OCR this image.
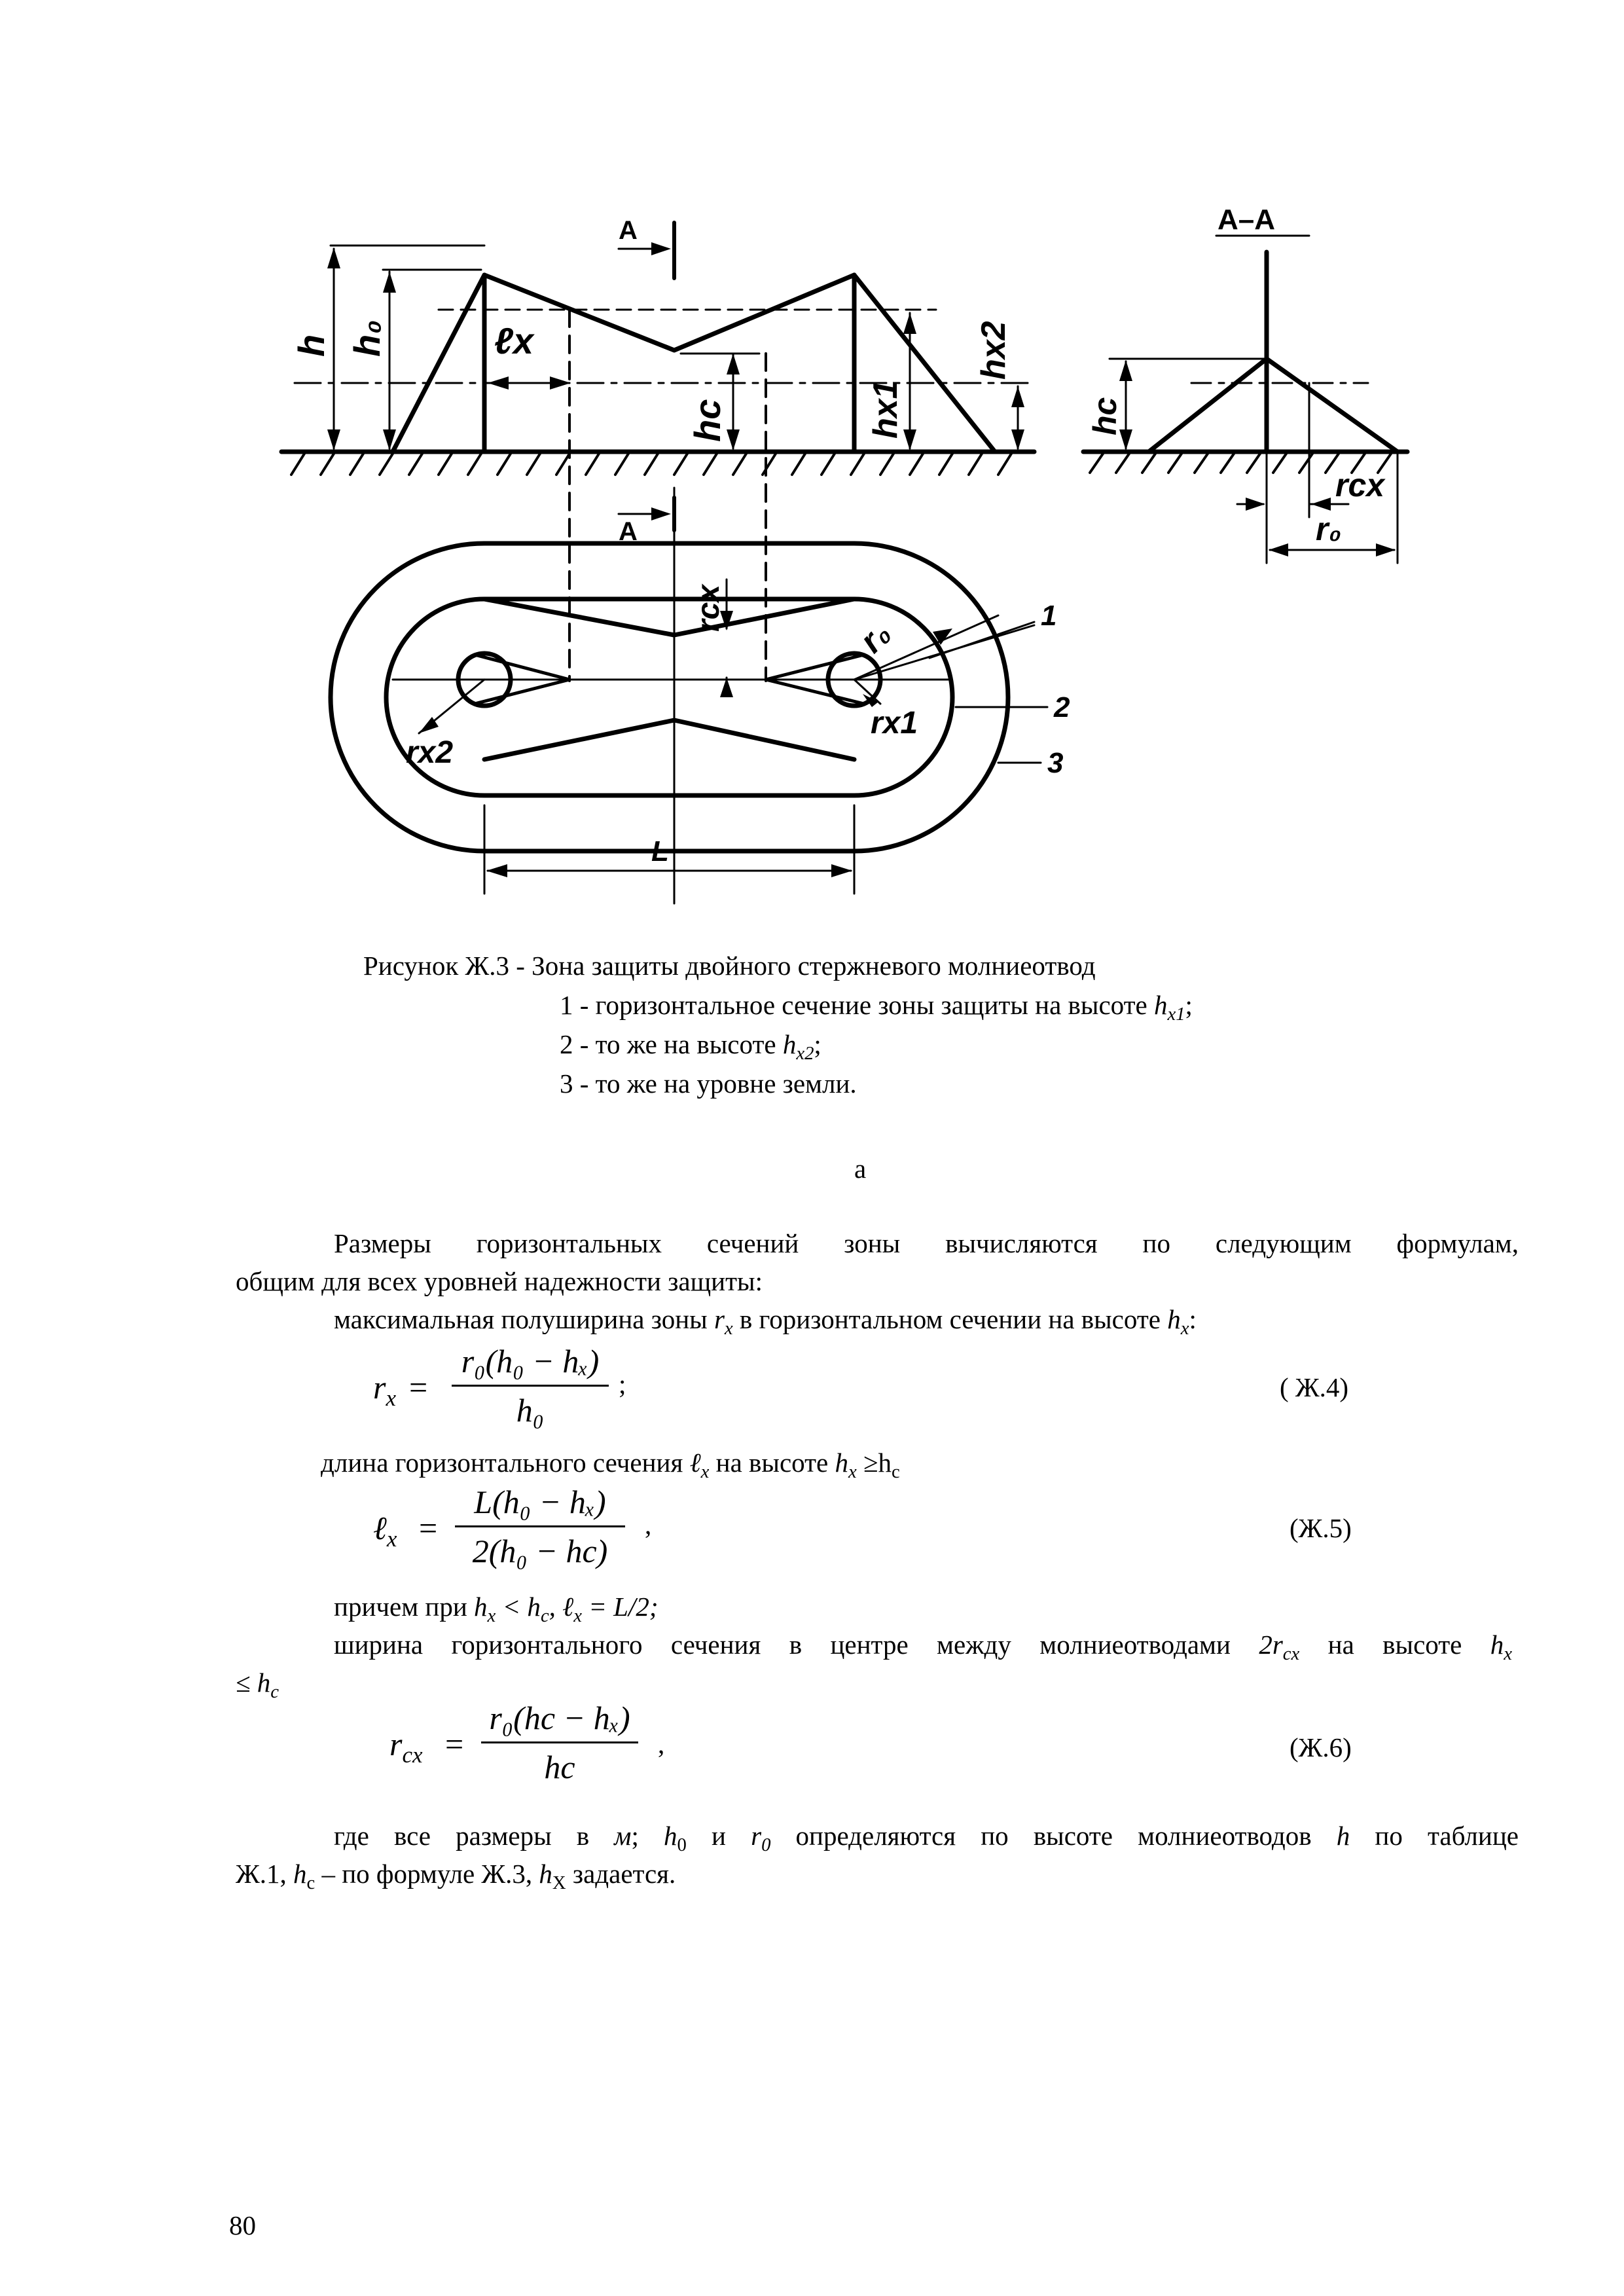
A
A
A–A
h h₀	ℓx
hc	hx1
hx2
hc
rcx
r₀
rcx
r₀
rx1
rx2
L
1
2
3
Рисунок Ж.3 - Зона защиты двойного стержневого молниеотвод
1 - горизонтальное сечение зоны защиты на высоте $h_{x1}$;
2 - то же на высоте $h_{x2}$;
3 - то же на уровне земли.
а
Размеры горизонтальных сечений зоны вычисляются по следующим формулам,
общим для всех уровней надежности защиты:
максимальная полуширина зоны $r_x$ в горизонтальном сечении на высоте $h_x$:
$r_x$ =
r₀(h₀ − hₓ)
h₀
;	( Ж.4)
длина горизонтального сечения ℓ$_x$ на высоте $h_x \ge h_c$
ℓ$_x$ =
L(h₀ − hₓ)
2(h₀ − hc)
,	(Ж.5)
причем при $h_x < h_c$, ℓ$_x$ = L/2;
ширина горизонтального сечения в центре между молниеотводами $2r_{cx}$ на высоте $h_x$
≤ $h_c$
$r_{cx}$ =
r₀(hc − hₓ)
hc
,	(Ж.6)
где все размеры в м; $h_0$ и $r_0$ определяются по высоте молниеотводов h по таблице
Ж.1, $h_c$ – по формуле Ж.3, $h_X$ задается.
80
